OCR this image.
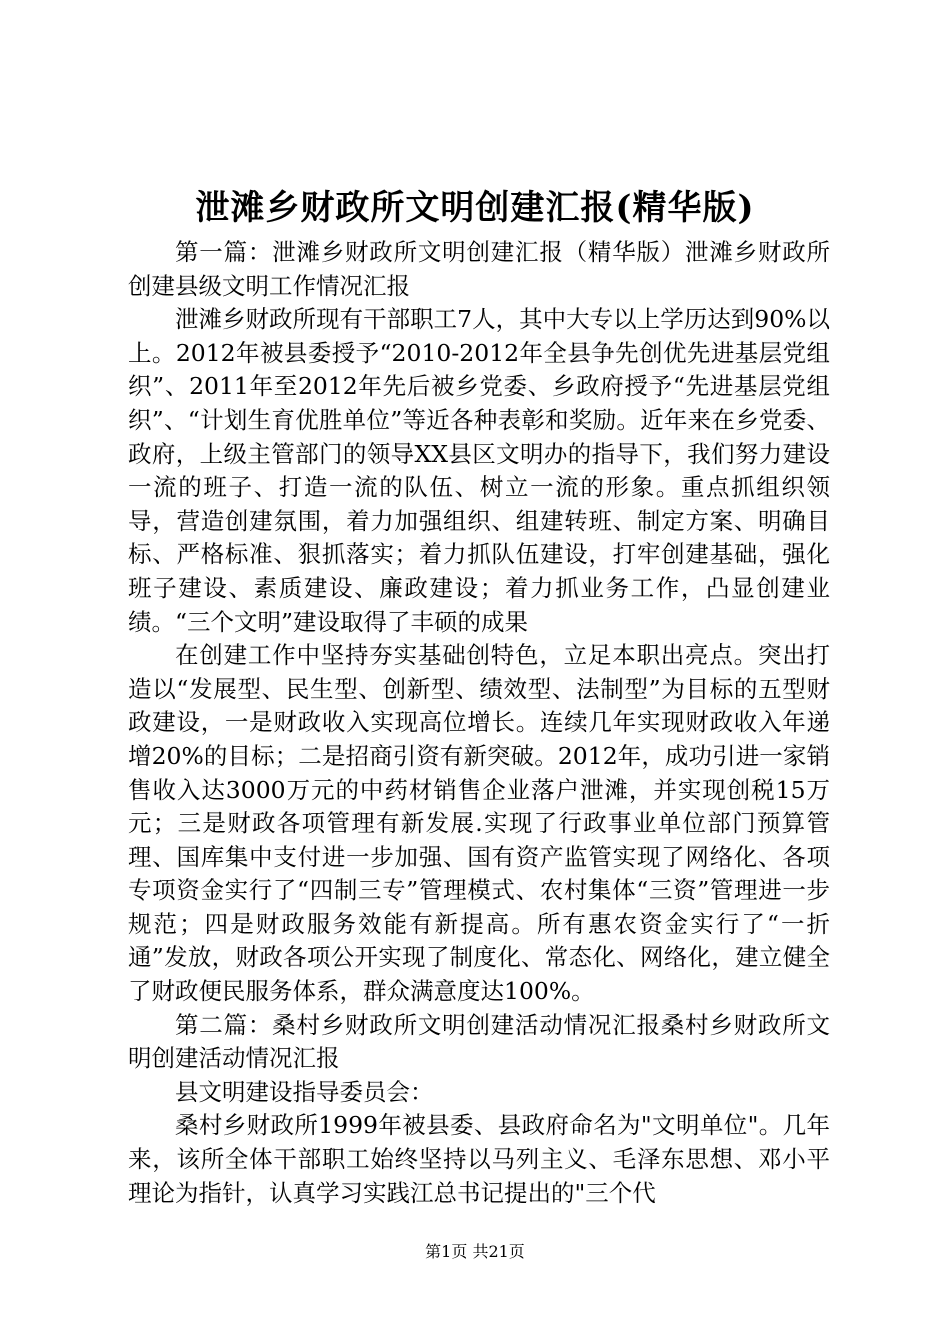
泄滩乡财政所文明创建汇报(精华版)

第一篇：泄滩乡财政所文明创建汇报（精华版）泄滩乡财政所创建县级文明工作情况汇报

泄滩乡财政所现有干部职工7人，其中大专以上学历达到90%以上。2012年被县委授予“2010-2012年全县争先创优先进基层党组织”、2011年至2012年先后被乡党委、乡政府授予“先进基层党组织”、“计划生育优胜单位”等近各种表彰和奖励。近年来在乡党委、政府，上级主管部门的领导XX县区文明办的指导下，我们努力建设一流的班子、打造一流的队伍、树立一流的形象。重点抓组织领导，营造创建氛围，着力加强组织、组建转班、制定方案、明确目标、严格标准、狠抓落实；着力抓队伍建设，打牢创建基础，强化班子建设、素质建设、廉政建设；着力抓业务工作，凸显创建业绩。“三个文明”建设取得了丰硕的成果

在创建工作中坚持夯实基础创特色，立足本职出亮点。突出打造以“发展型、民生型、创新型、绩效型、法制型”为目标的五型财政建设，一是财政收入实现高位增长。连续几年实现财政收入年递增20%的目标；二是招商引资有新突破。2012年，成功引进一家销售收入达3000万元的中药材销售企业落户泄滩，并实现创税15万元；三是财政各项管理有新发展.实现了行政事业单位部门预算管理、国库集中支付进一步加强、国有资产监管实现了网络化、各项专项资金实行了“四制三专”管理模式、农村集体“三资”管理进一步规范；四是财政服务效能有新提高。所有惠农资金实行了“一折通”发放，财政各项公开实现了制度化、常态化、网络化，建立健全了财政便民服务体系，群众满意度达100%。

第二篇：桑村乡财政所文明创建活动情况汇报桑村乡财政所文明创建活动情况汇报

县文明建设指导委员会：

桑村乡财政所1999年被县委、县政府命名为"文明单位"。几年来，该所全体干部职工始终坚持以马列主义、毛泽东思想、邓小平理论为指针，认真学习实践江总书记提出的"三个代

第1页 共21页
